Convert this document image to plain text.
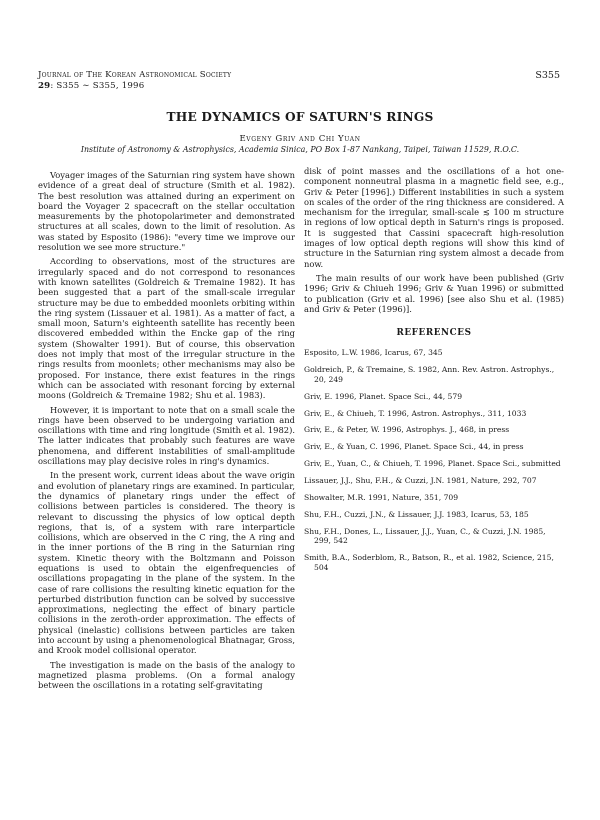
Journal of The Korean Astronomical Society
29: S355 ∼ S355, 1996
S355
THE DYNAMICS OF SATURN'S RINGS
Evgeny Griv and Chi Yuan
Institute of Astronomy & Astrophysics, Academia Sinica, PO Box 1-87 Nankang, Taipei, Taiwan 11529, R.O.C.

Voyager images of the Saturnian ring system have shown evidence of a great deal of structure (Smith et al. 1982). The best resolution was attained during an experiment on board the Voyager 2 spacecraft on the stellar occultation measurements by the photopolarimeter and demonstrated structures at all scales, down to the limit of resolution. As was stated by Esposito (1986): "every time we improve our resolution we see more structure."

According to observations, most of the structures are irregularly spaced and do not correspond to resonances with known satellites (Goldreich & Tremaine 1982). It has been suggested that a part of the small-scale irregular structure may be due to embedded moonlets orbiting within the ring system (Lissauer et al. 1981). As a matter of fact, a small moon, Saturn's eighteenth satellite has recently been discovered embedded within the Encke gap of the ring system (Showalter 1991). But of course, this observation does not imply that most of the irregular structure in the rings results from moonlets; other mechanisms may also be proposed. For instance, there exist features in the rings which can be associated with resonant forcing by external moons (Goldreich & Tremaine 1982; Shu et al. 1983).

However, it is important to note that on a small scale the rings have been observed to be undergoing variation and oscillations with time and ring longitude (Smith et al. 1982). The latter indicates that probably such features are wave phenomena, and different instabilities of small-amplitude oscillations may play decisive roles in ring's dynamics.

In the present work, current ideas about the wave origin and evolution of planetary rings are examined. In particular, the dynamics of planetary rings under the effect of collisions between particles is considered. The theory is relevant to discussing the physics of low optical depth regions, that is, of a system with rare interparticle collisions, which are observed in the C ring, the A ring and in the inner portions of the B ring in the Saturnian ring system. Kinetic theory with the Boltzmann and Poisson equations is used to obtain the eigenfrequencies of oscillations propagating in the plane of the system. In the case of rare collisions the resulting kinetic equation for the perturbed distribution function can be solved by successive approximations, neglecting the effect of binary particle collisions in the zeroth-order approximation. The effects of physical (inelastic) collisions between particles are taken into account by using a phenomenological Bhatnagar, Gross, and Krook model collisional operator.

The investigation is made on the basis of the analogy to magnetized plasma problems. (On a formal analogy between the oscillations in a rotating self-gravitating

disk of point masses and the oscillations of a hot one-component nonneutral plasma in a magnetic field see, e.g., Griv & Peter [1996].) Different instabilities in such a system on scales of the order of the ring thickness are considered. A mechanism for the irregular, small-scale ≲ 100 m structure in regions of low optical depth in Saturn's rings is proposed. It is suggested that Cassini spacecraft high-resolution images of low optical depth regions will show this kind of structure in the Saturnian ring system almost a decade from now.

The main results of our work have been published (Griv 1996; Griv & Chiueh 1996; Griv & Yuan 1996) or submitted to publication (Griv et al. 1996) [see also Shu et al. (1985) and Griv & Peter (1996)].

REFERENCES
Esposito, L.W. 1986, Icarus, 67, 345
Goldreich, P., & Tremaine, S. 1982, Ann. Rev. Astron. Astrophys., 20, 249
Griv, E. 1996, Planet. Space Sci., 44, 579
Griv, E., & Chiueh, T. 1996, Astron. Astrophys., 311, 1033
Griv, E., & Peter, W. 1996, Astrophys. J., 468, in press
Griv, E., & Yuan, C. 1996, Planet. Space Sci., 44, in press
Griv, E., Yuan, C., & Chiueh, T. 1996, Planet. Space Sci., submitted
Lissauer, J.J., Shu, F.H., & Cuzzi, J.N. 1981, Nature, 292, 707
Showalter, M.R. 1991, Nature, 351, 709
Shu, F.H., Cuzzi, J.N., & Lissauer, J.J. 1983, Icarus, 53, 185
Shu, F.H., Dones, L., Lissauer, J.J., Yuan, C., & Cuzzi, J.N. 1985, 299, 542
Smith, B.A., Soderblom, R., Batson, R., et al. 1982, Science, 215, 504
